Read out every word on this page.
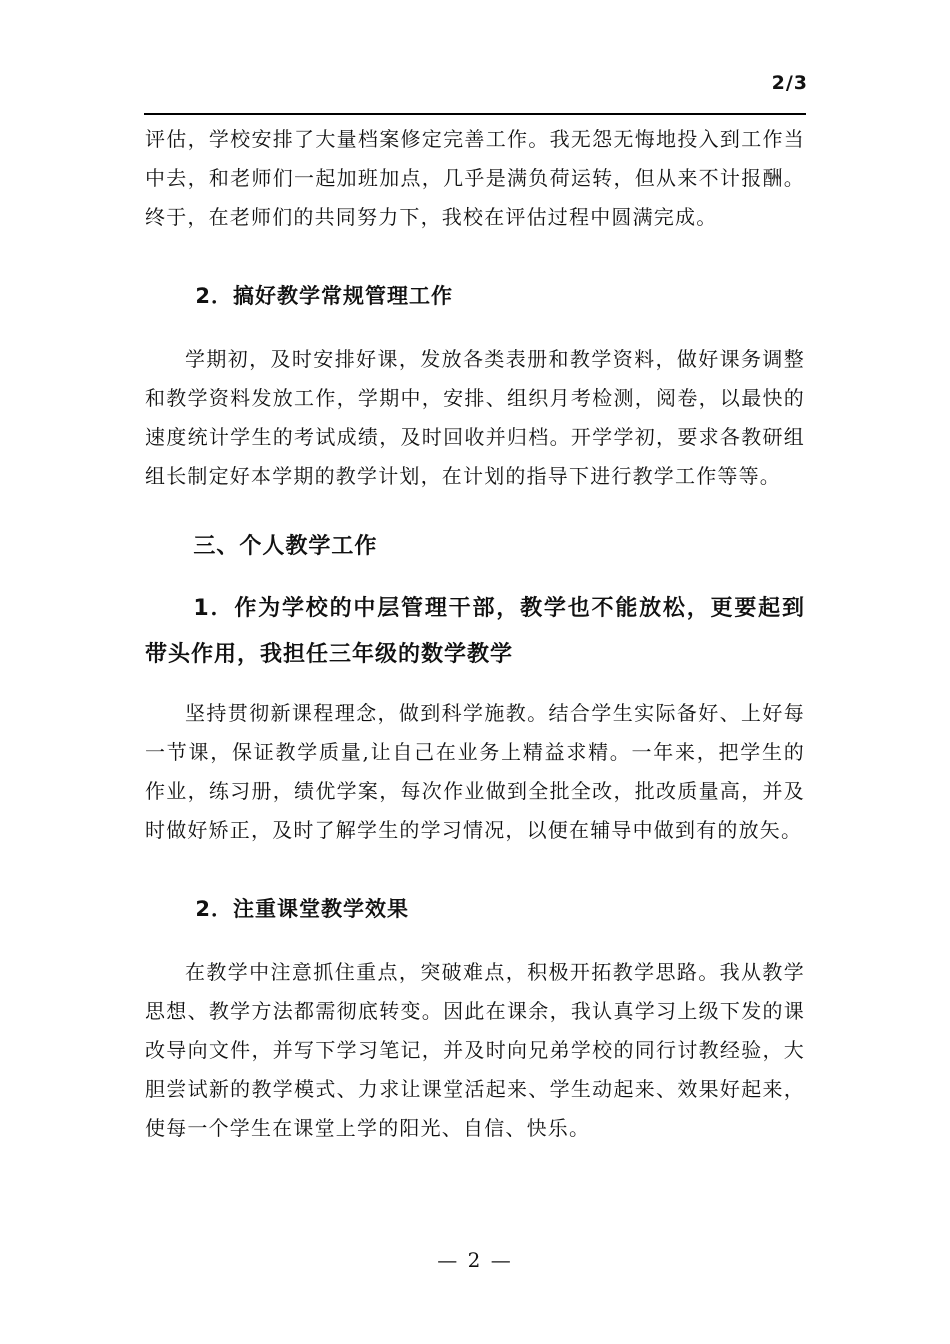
2/3

评估，学校安排了大量档案修定完善工作。我无怨无悔地投入到工作当中去，和老师们一起加班加点，几乎是满负荷运转，但从来不计报酬。终于，在老师们的共同努力下，我校在评估过程中圆满完成。

2．搞好教学常规管理工作

学期初，及时安排好课，发放各类表册和教学资料，做好课务调整和教学资料发放工作，学期中，安排、组织月考检测，阅卷，以最快的速度统计学生的考试成绩，及时回收并归档。开学学初，要求各教研组组长制定好本学期的教学计划，在计划的指导下进行教学工作等等。

三、个人教学工作

1．作为学校的中层管理干部，教学也不能放松，更要起到带头作用，我担任三年级的数学教学

坚持贯彻新课程理念，做到科学施教。结合学生实际备好、上好每一节课，保证教学质量,让自己在业务上精益求精。一年来，把学生的作业，练习册，绩优学案，每次作业做到全批全改，批改质量高，并及时做好矫正，及时了解学生的学习情况，以便在辅导中做到有的放矢。

2．注重课堂教学效果

在教学中注意抓住重点，突破难点，积极开拓教学思路。我从教学思想、教学方法都需彻底转变。因此在课余，我认真学习上级下发的课改导向文件，并写下学习笔记，并及时向兄弟学校的同行讨教经验，大胆尝试新的教学模式、力求让课堂活起来、学生动起来、效果好起来，使每一个学生在课堂上学的阳光、自信、快乐。

— 2 —
